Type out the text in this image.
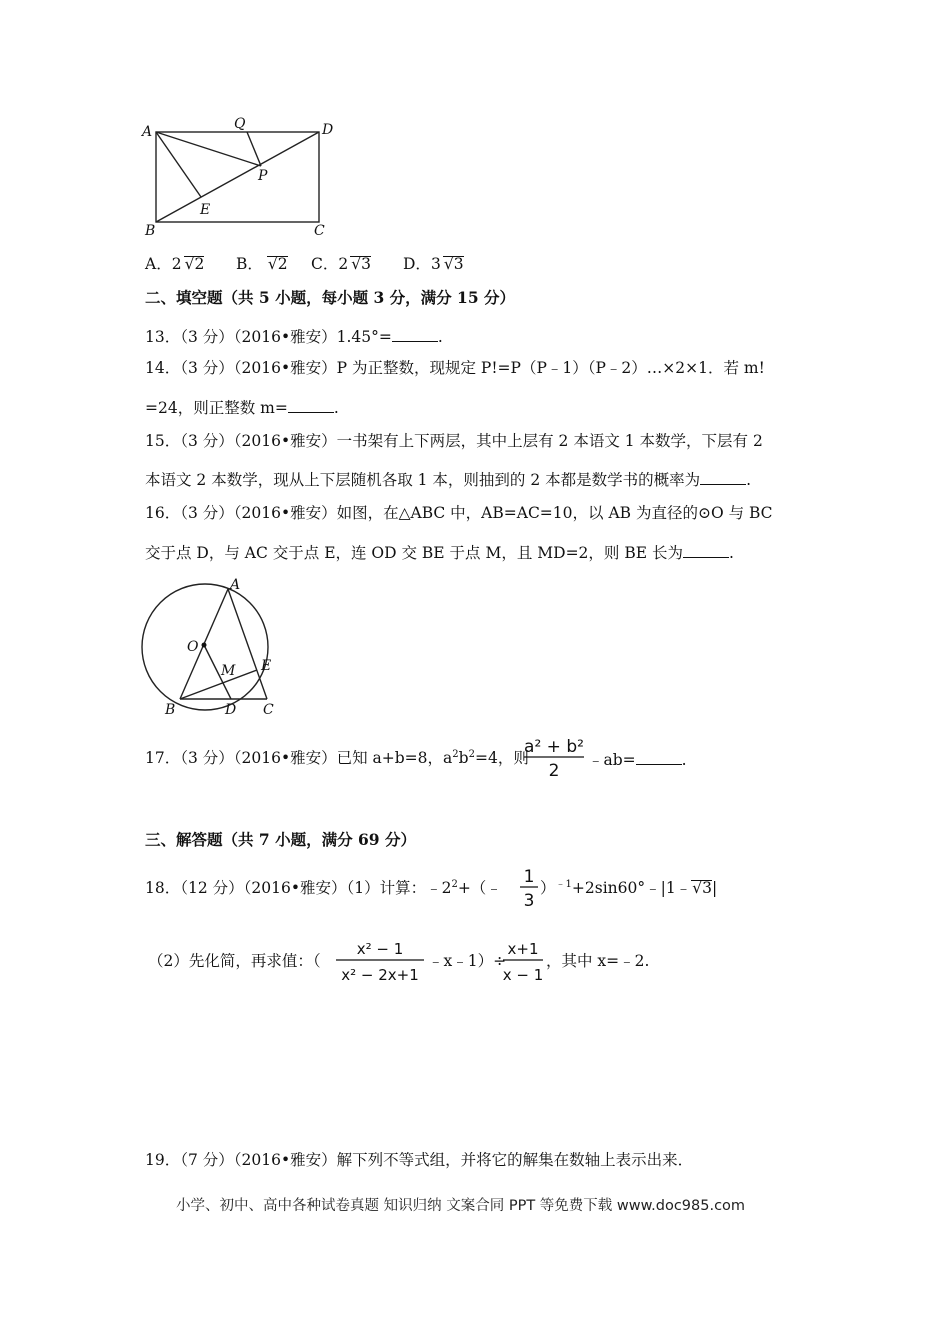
A	Q	D
P
E
B	C
A．2 √2 B． √2 C．2 √3 D．3 √3
二、填空题（共 5 小题，每小题 3 分，满分 15 分）
13．（3 分）（2016•雅安）1.45°=	.
14．（3 分）（2016•雅安）P 为正整数，现规定 P!=P（P﹣1）（P﹣2）…×2×1．若 m!
=24，则正整数 m=	.
15．（3 分）（2016•雅安）一书架有上下两层，其中上层有 2 本语文 1 本数学，下层有 2
本语文 2 本数学，现从上下层随机各取 1 本，则抽到的 2 本都是数学书的概率为	.
16．（3 分）（2016•雅安）如图，在△ABC 中，AB=AC=10，以 AB 为直径的⊙O 与 BC
交于点 D，与 AC 交于点 E，连 OD 交 BE 于点 M，且 MD=2，则 BE 长为	.
A
O
M E
B	D C
17．（3 分）（2016•雅安）已知 a+b=8，$a^2b^2=4$，则
a² + b²
2
﹣ab=	.
三、解答题（共 7 小题，满分 69 分）
18．（12 分）（2016•雅安）（1）计算：$﹣2^2+(﹣$
1
3
）$^{﹣1}$+2sin60°﹣|1﹣√3|
（2）先化简，再求值：（
x² − 1
x² − 2x+1
﹣x﹣1）÷
x+1
x − 1
，其中 x=﹣2.
19．（7 分）（2016•雅安）解下列不等式组，并将它的解集在数轴上表示出来．
小学、初中、高中各种试卷真题 知识归纳 文案合同 PPT 等免费下载 www.doc985.com
